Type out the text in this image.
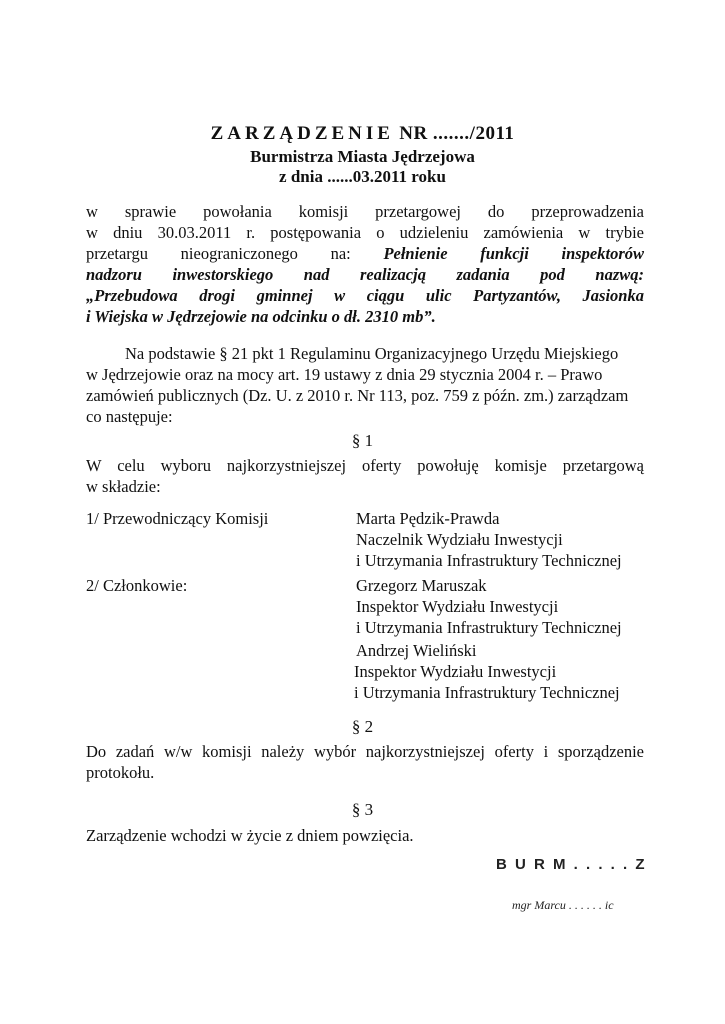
ZARZĄDZENIE NR ......./2011
Burmistrza Miasta Jędrzejowa
z dnia ......03.2011 roku
w sprawie powołania komisji przetargowej do przeprowadzenia
w dniu 30.03.2011 r. postępowania o udzieleniu zamówienia w trybie
przetargu nieograniczonego na: Pełnienie funkcji inspektorów
nadzoru inwestorskiego nad realizacją zadania pod nazwą:
„Przebudowa drogi gminnej w ciągu ulic Partyzantów, Jasionka
i Wiejska w Jędrzejowie na odcinku o dł. 2310 mb”.
Na podstawie § 21 pkt 1 Regulaminu Organizacyjnego Urzędu Miejskiego
w Jędrzejowie oraz na mocy art. 19 ustawy z dnia 29 stycznia 2004 r. – Prawo
zamówień publicznych (Dz. U. z 2010 r. Nr 113, poz. 759 z późn. zm.) zarządzam
co następuje:
§ 1
W celu wyboru najkorzystniejszej oferty powołuję komisje przetargową
w składzie:
1/ Przewodniczący Komisji	Marta Pędzik-Prawda
Naczelnik Wydziału Inwestycji
i Utrzymania Infrastruktury Technicznej
2/ Członkowie:	Grzegorz Maruszak
Inspektor Wydziału Inwestycji
i Utrzymania Infrastruktury Technicznej
Andrzej Wieliński
Inspektor Wydziału Inwestycji
i Utrzymania Infrastruktury Technicznej
§ 2
Do zadań w/w komisji należy wybór najkorzystniejszej oferty i sporządzenie
protokołu.
§ 3
Zarządzenie wchodzi w życie z dniem powzięcia.
B U R M . . . . . Z
mgr Marcu . . . . . . ic
